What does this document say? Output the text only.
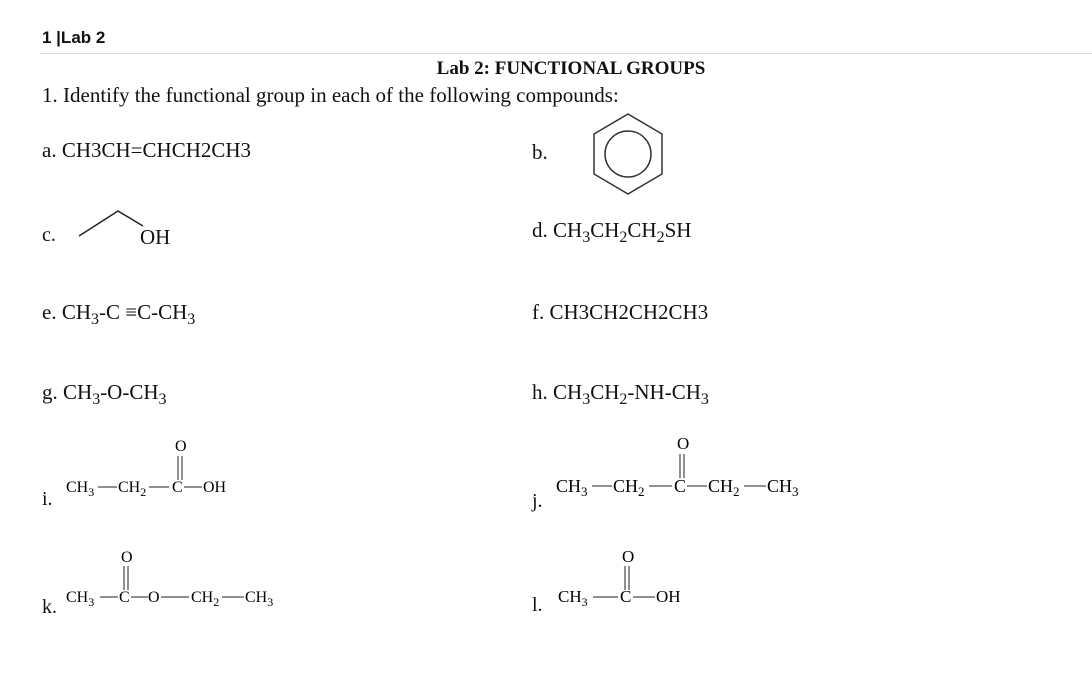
1 |Lab 2
Lab 2: FUNCTIONAL GROUPS
1. Identify the functional group in each of the following compounds:
a. CH3CH=CHCH2CH3	b.
c.	OH	d. $CH_3CH_2CH_2SH$
e. $CH_3-C \equiv C-CH_3$	f. CH3CH2CH2CH3
g. $CH_3-O-CH_3$	h. $CH_3CH_2-NH-CH_3$
i.
O
$CH_3$ $CH_2$ C OH
j.
O
$CH_3$ $CH_2$ C $CH_2$ $CH_3$
k.
O
$CH_3$ C O $CH_2$ $CH_3$	l.
O
$CH_3$ C OH
